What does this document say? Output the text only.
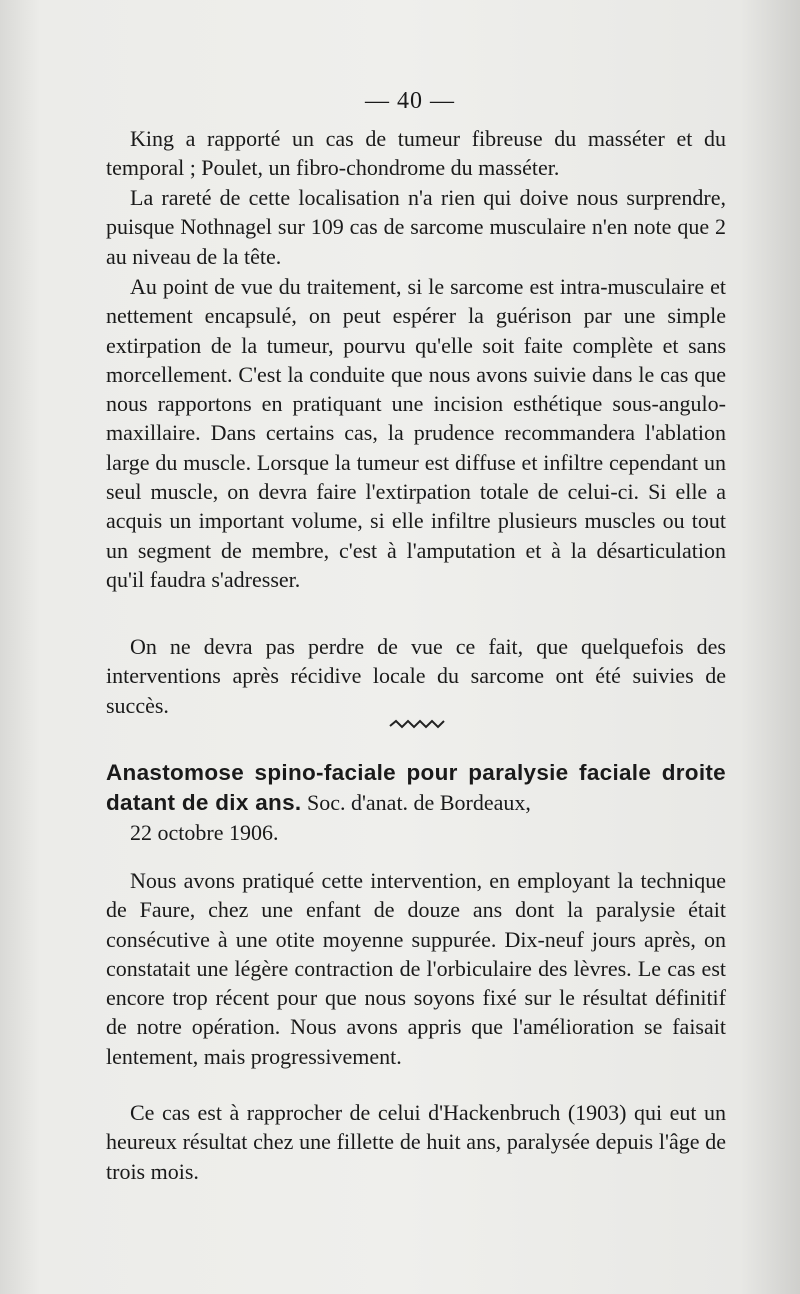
— 40 —

King a rapporté un cas de tumeur fibreuse du masséter et du temporal ; Poulet, un fibro-chondrome du masséter.

La rareté de cette localisation n'a rien qui doive nous surprendre, puisque Nothnagel sur 109 cas de sarcome musculaire n'en note que 2 au niveau de la tête.

Au point de vue du traitement, si le sarcome est intra-musculaire et nettement encapsulé, on peut espérer la guérison par une simple extirpation de la tumeur, pourvu qu'elle soit faite complète et sans morcellement. C'est la conduite que nous avons suivie dans le cas que nous rapportons en pratiquant une incision esthétique sous-angulo-maxillaire. Dans certains cas, la prudence recommandera l'ablation large du muscle. Lorsque la tumeur est diffuse et infiltre cependant un seul muscle, on devra faire l'extirpation totale de celui-ci. Si elle a acquis un important volume, si elle infiltre plusieurs muscles ou tout un segment de membre, c'est à l'amputation et à la désarticulation qu'il faudra s'adresser.

On ne devra pas perdre de vue ce fait, que quelquefois des interventions après récidive locale du sarcome ont été suivies de succès.

Anastomose spino-faciale pour paralysie faciale droite datant de dix ans. Soc. d'anat. de Bordeaux,
22 octobre 1906.

Nous avons pratiqué cette intervention, en employant la technique de Faure, chez une enfant de douze ans dont la paralysie était consécutive à une otite moyenne suppurée. Dix-neuf jours après, on constatait une légère contraction de l'orbiculaire des lèvres. Le cas est encore trop récent pour que nous soyons fixé sur le résultat définitif de notre opération. Nous avons appris que l'amélioration se faisait lentement, mais progressivement.

Ce cas est à rapprocher de celui d'Hackenbruch (1903) qui eut un heureux résultat chez une fillette de huit ans, paralysée depuis l'âge de trois mois.
